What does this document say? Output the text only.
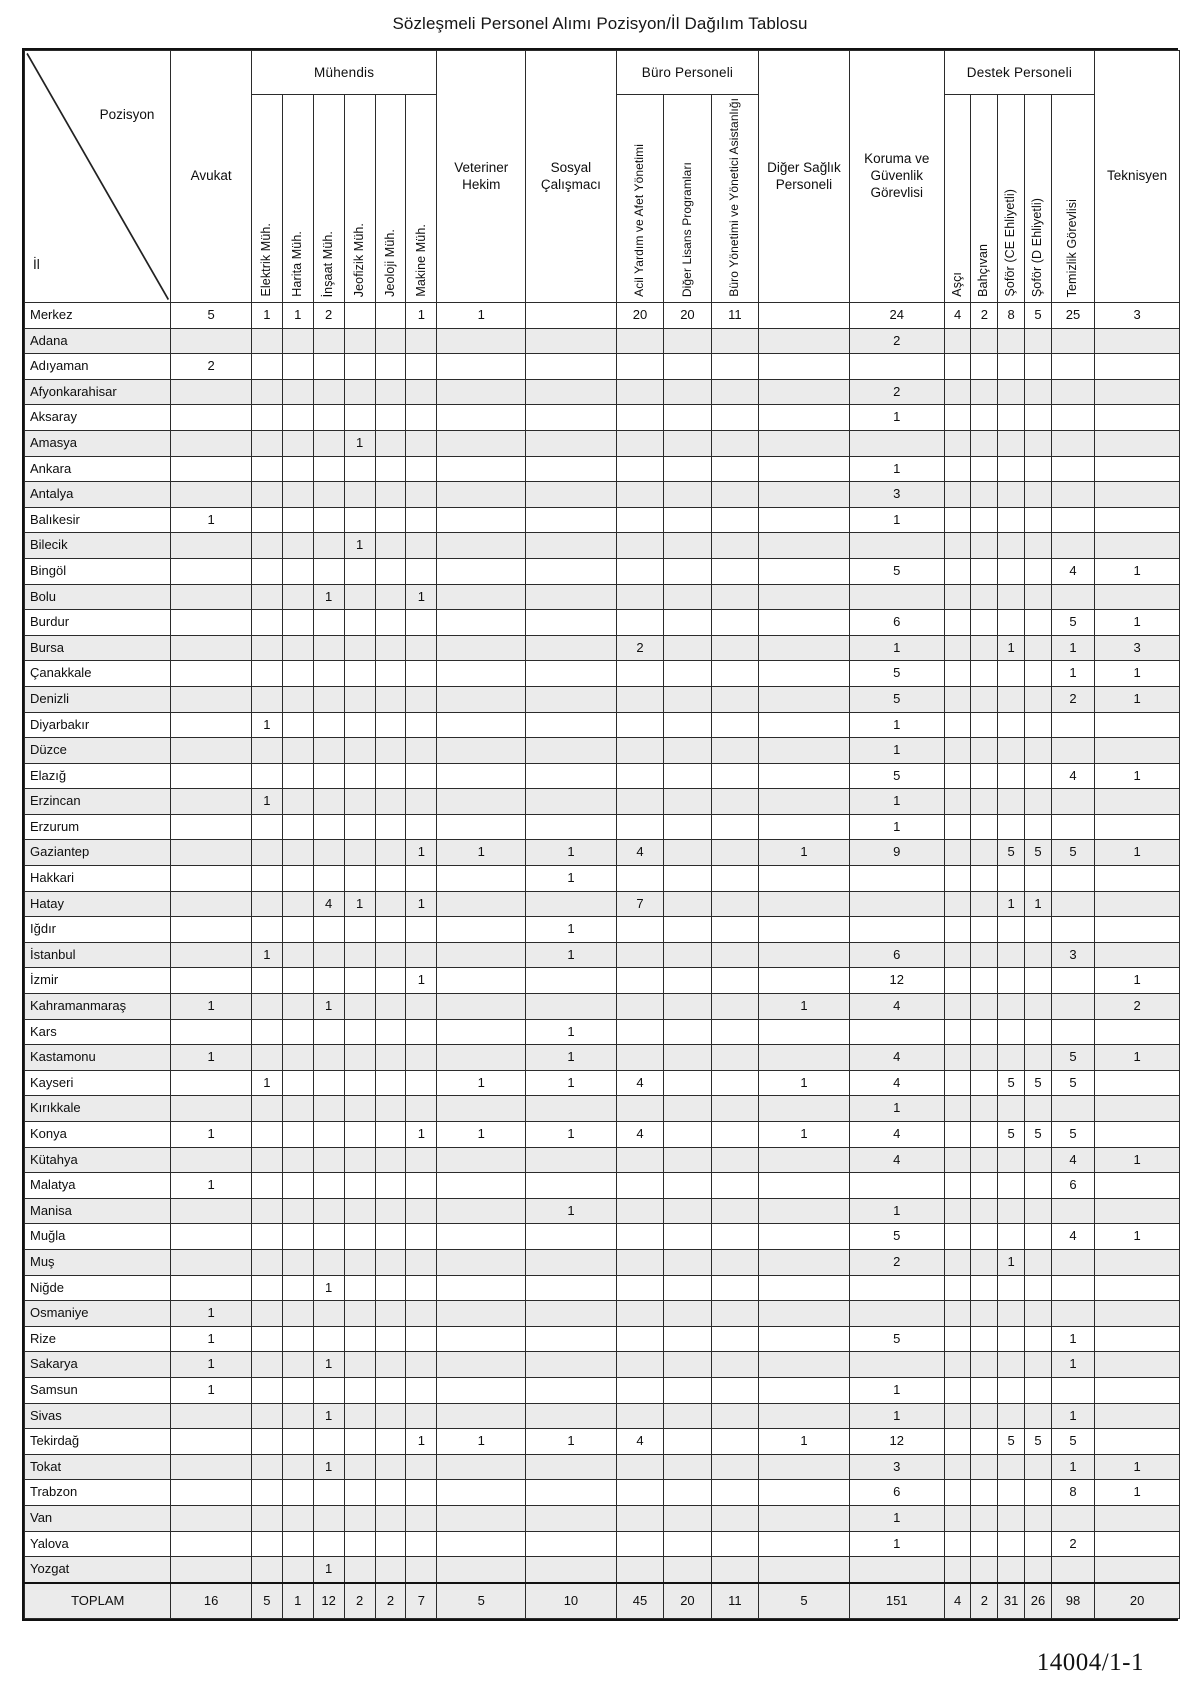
Sözleşmeli Personel Alımı Pozisyon/İl Dağılım Tablosu
Pozisyon
İl	Avukat	Mühendis						Veteriner Hekim	Sosyal Çalışmacı	Büro Personeli			Diğer Sağlık Personeli	Koruma ve Güvenlik Görevlisi	Destek Personeli					Teknisyen
		Elektrik Müh.	Harita Müh.	İnşaat Müh.	Jeofizik Müh.	Jeoloji Müh.	Makine Müh.			Acil Yardım ve Afet Yönetimi	Diğer Lisans Programları	Büro Yönetimi ve Yönetici Asistanlığı			Aşçı	Bahçıvan	Şoför (CE Ehliyetli)	Şoför (D Ehliyetli)	Temizlik Görevlisi	
Merkez	5	1	1	2			1	1		20	20	11		24	4	2	8	5	25	3
Adana														2						
Adıyaman	2																			
Afyonkarahisar														2						
Aksaray														1						
Amasya					1															
Ankara														1						
Antalya														3						
Balıkesir	1													1						
Bilecik					1															
Bingöl														5					4	1
Bolu				1			1													
Burdur														6					5	1
Bursa										2				1			1		1	3
Çanakkale														5					1	1
Denizli														5					2	1
Diyarbakır		1												1						
Düzce														1						
Elazığ														5					4	1
Erzincan		1												1						
Erzurum														1						
Gaziantep							1	1	1	4			1	9			5	5	5	1
Hakkari									1											
Hatay				4	1		1			7							1	1		
Iğdır									1											
İstanbul		1							1					6					3	
İzmir							1							12						1
Kahramanmaraş	1			1									1	4						2
Kars									1											
Kastamonu	1								1					4					5	1
Kayseri		1						1	1	4			1	4			5	5	5	
Kırıkkale														1						
Konya	1						1	1	1	4			1	4			5	5	5	
Kütahya														4					4	1
Malatya	1																		6	
Manisa									1					1						
Muğla														5					4	1
Muş														2			1			
Niğde				1																
Osmaniye	1																			
Rize	1													5					1	
Sakarya	1			1															1	
Samsun	1													1						
Sivas				1										1					1	
Tekirdağ							1	1	1	4			1	12			5	5	5	
Tokat				1										3					1	1
Trabzon														6					8	1
Van														1						
Yalova														1					2	
Yozgat				1																
TOPLAM	16	5	1	12	2	2	7	5	10	45	20	11	5	151	4	2	31	26	98	20
14004/1-1
